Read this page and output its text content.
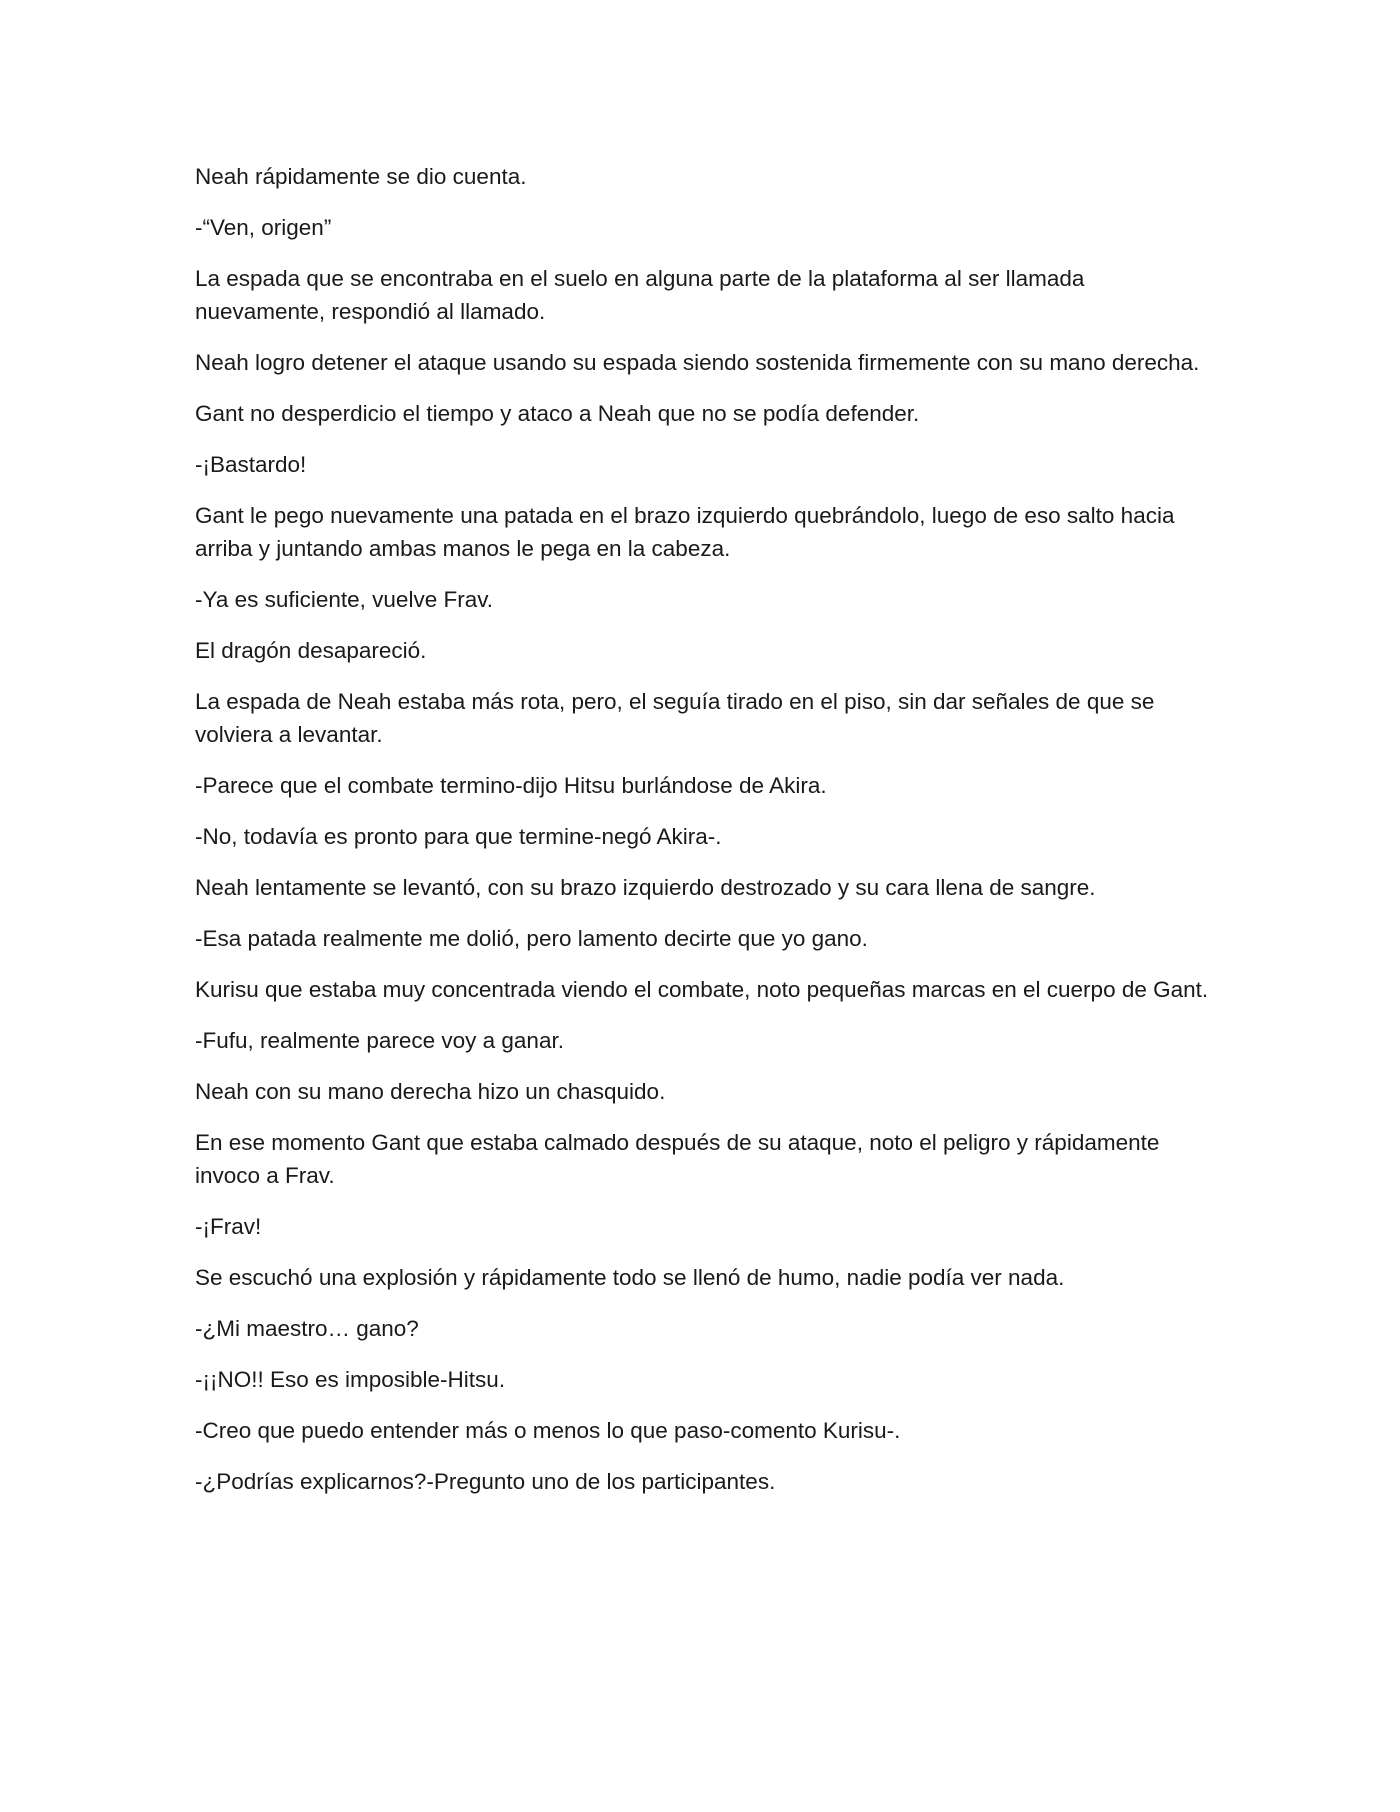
Neah rápidamente se dio cuenta.

-“Ven, origen”

La espada que se encontraba en el suelo en alguna parte de la plataforma al ser llamada nuevamente, respondió al llamado.

Neah logro detener el ataque usando su espada siendo sostenida firmemente con su mano derecha.

Gant no desperdicio el tiempo y ataco a Neah que no se podía defender.

-¡Bastardo!

Gant le pego nuevamente una patada en el brazo izquierdo quebrándolo, luego de eso salto hacia arriba y juntando ambas manos le pega en la cabeza.

-Ya es suficiente, vuelve Frav.

El dragón desapareció.

La espada de Neah estaba más rota, pero, el seguía tirado en el piso, sin dar señales de que se volviera a levantar.

-Parece que el combate termino-dijo Hitsu burlándose de Akira.

-No, todavía es pronto para que termine-negó Akira-.

Neah lentamente se levantó, con su brazo izquierdo destrozado y su cara llena de sangre.

-Esa patada realmente me dolió, pero lamento decirte que yo gano.

Kurisu que estaba muy concentrada viendo el combate, noto pequeñas marcas en el cuerpo de Gant.

-Fufu, realmente parece voy a ganar.

Neah con su mano derecha hizo un chasquido.

En ese momento Gant que estaba calmado después de su ataque, noto el peligro y rápidamente invoco a Frav.

-¡Frav!

Se escuchó una explosión y rápidamente todo se llenó de humo, nadie podía ver nada.

-¿Mi maestro… gano?

-¡¡NO!! Eso es imposible-Hitsu.

-Creo que puedo entender más o menos lo que paso-comento Kurisu-.

-¿Podrías explicarnos?-Pregunto uno de los participantes.
